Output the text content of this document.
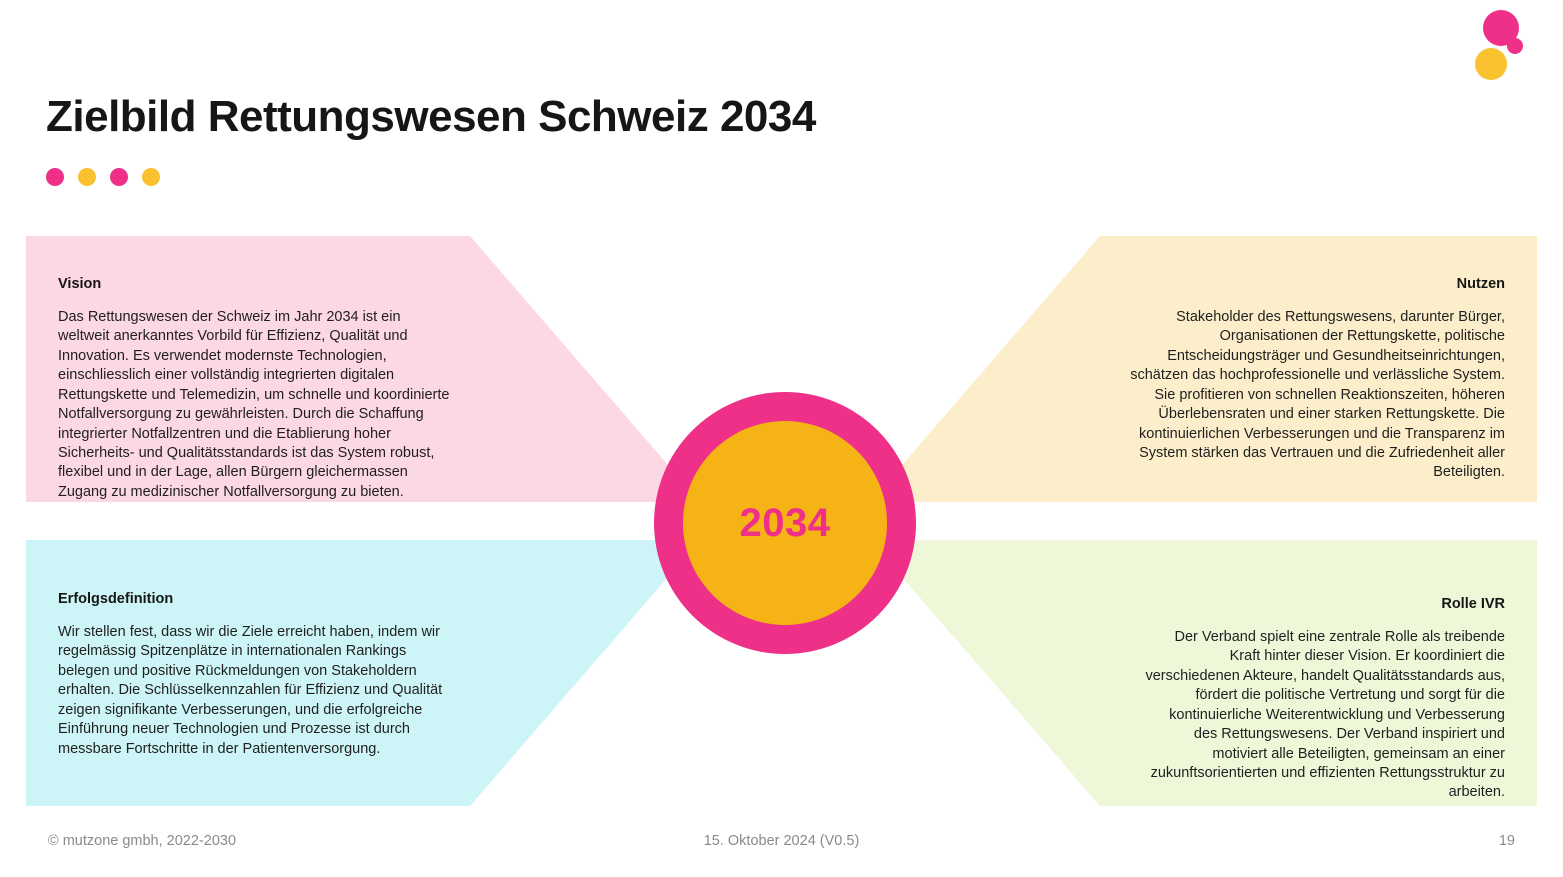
Zielbild Rettungswesen Schweiz 2034
Vision
Das Rettungswesen der Schweiz im Jahr 2034 ist ein weltweit anerkanntes Vorbild für Effizienz, Qualität und Innovation. Es verwendet modernste Technologien, einschliesslich einer vollständig integrierten digitalen Rettungskette und Telemedizin, um schnelle und koordinierte Notfallversorgung zu gewährleisten. Durch die Schaffung integrierter Notfallzentren und die Etablierung hoher Sicherheits- und Qualitätsstandards ist das System robust, flexibel und in der Lage, allen Bürgern gleichermassen Zugang zu medizinischer Notfallversorgung zu bieten.
Erfolgsdefinition
Wir stellen fest, dass wir die Ziele erreicht haben, indem wir regelmässig Spitzenplätze in internationalen Rankings belegen und positive Rückmeldungen von Stakeholdern erhalten. Die Schlüsselkennzahlen für Effizienz und Qualität zeigen signifikante Verbesserungen, und die erfolgreiche Einführung neuer Technologien und Prozesse ist durch messbare Fortschritte in der Patientenversorgung.
Nutzen
Stakeholder des Rettungswesens, darunter Bürger, Organisationen der Rettungskette, politische Entscheidungsträger und Gesundheitseinrichtungen, schätzen das hochprofessionelle und verlässliche System. Sie profitieren von schnellen Reaktionszeiten, höheren Überlebensraten und einer starken Rettungskette. Die kontinuierlichen Verbesserungen und die Transparenz im System stärken das Vertrauen und die Zufriedenheit aller Beteiligten.
Rolle IVR
Der Verband spielt eine zentrale Rolle als treibende Kraft hinter dieser Vision. Er koordiniert die verschiedenen Akteure, handelt Qualitätsstandards aus, fördert die politische Vertretung und sorgt für die kontinuierliche Weiterentwicklung und Verbesserung des Rettungswesens. Der Verband inspiriert und motiviert alle Beteiligten, gemeinsam an einer zukunftsorientierten und effizienten Rettungsstruktur zu arbeiten.
2034
© mutzone gmbh, 2022-2030	15. Oktober 2024 (V0.5)	19
